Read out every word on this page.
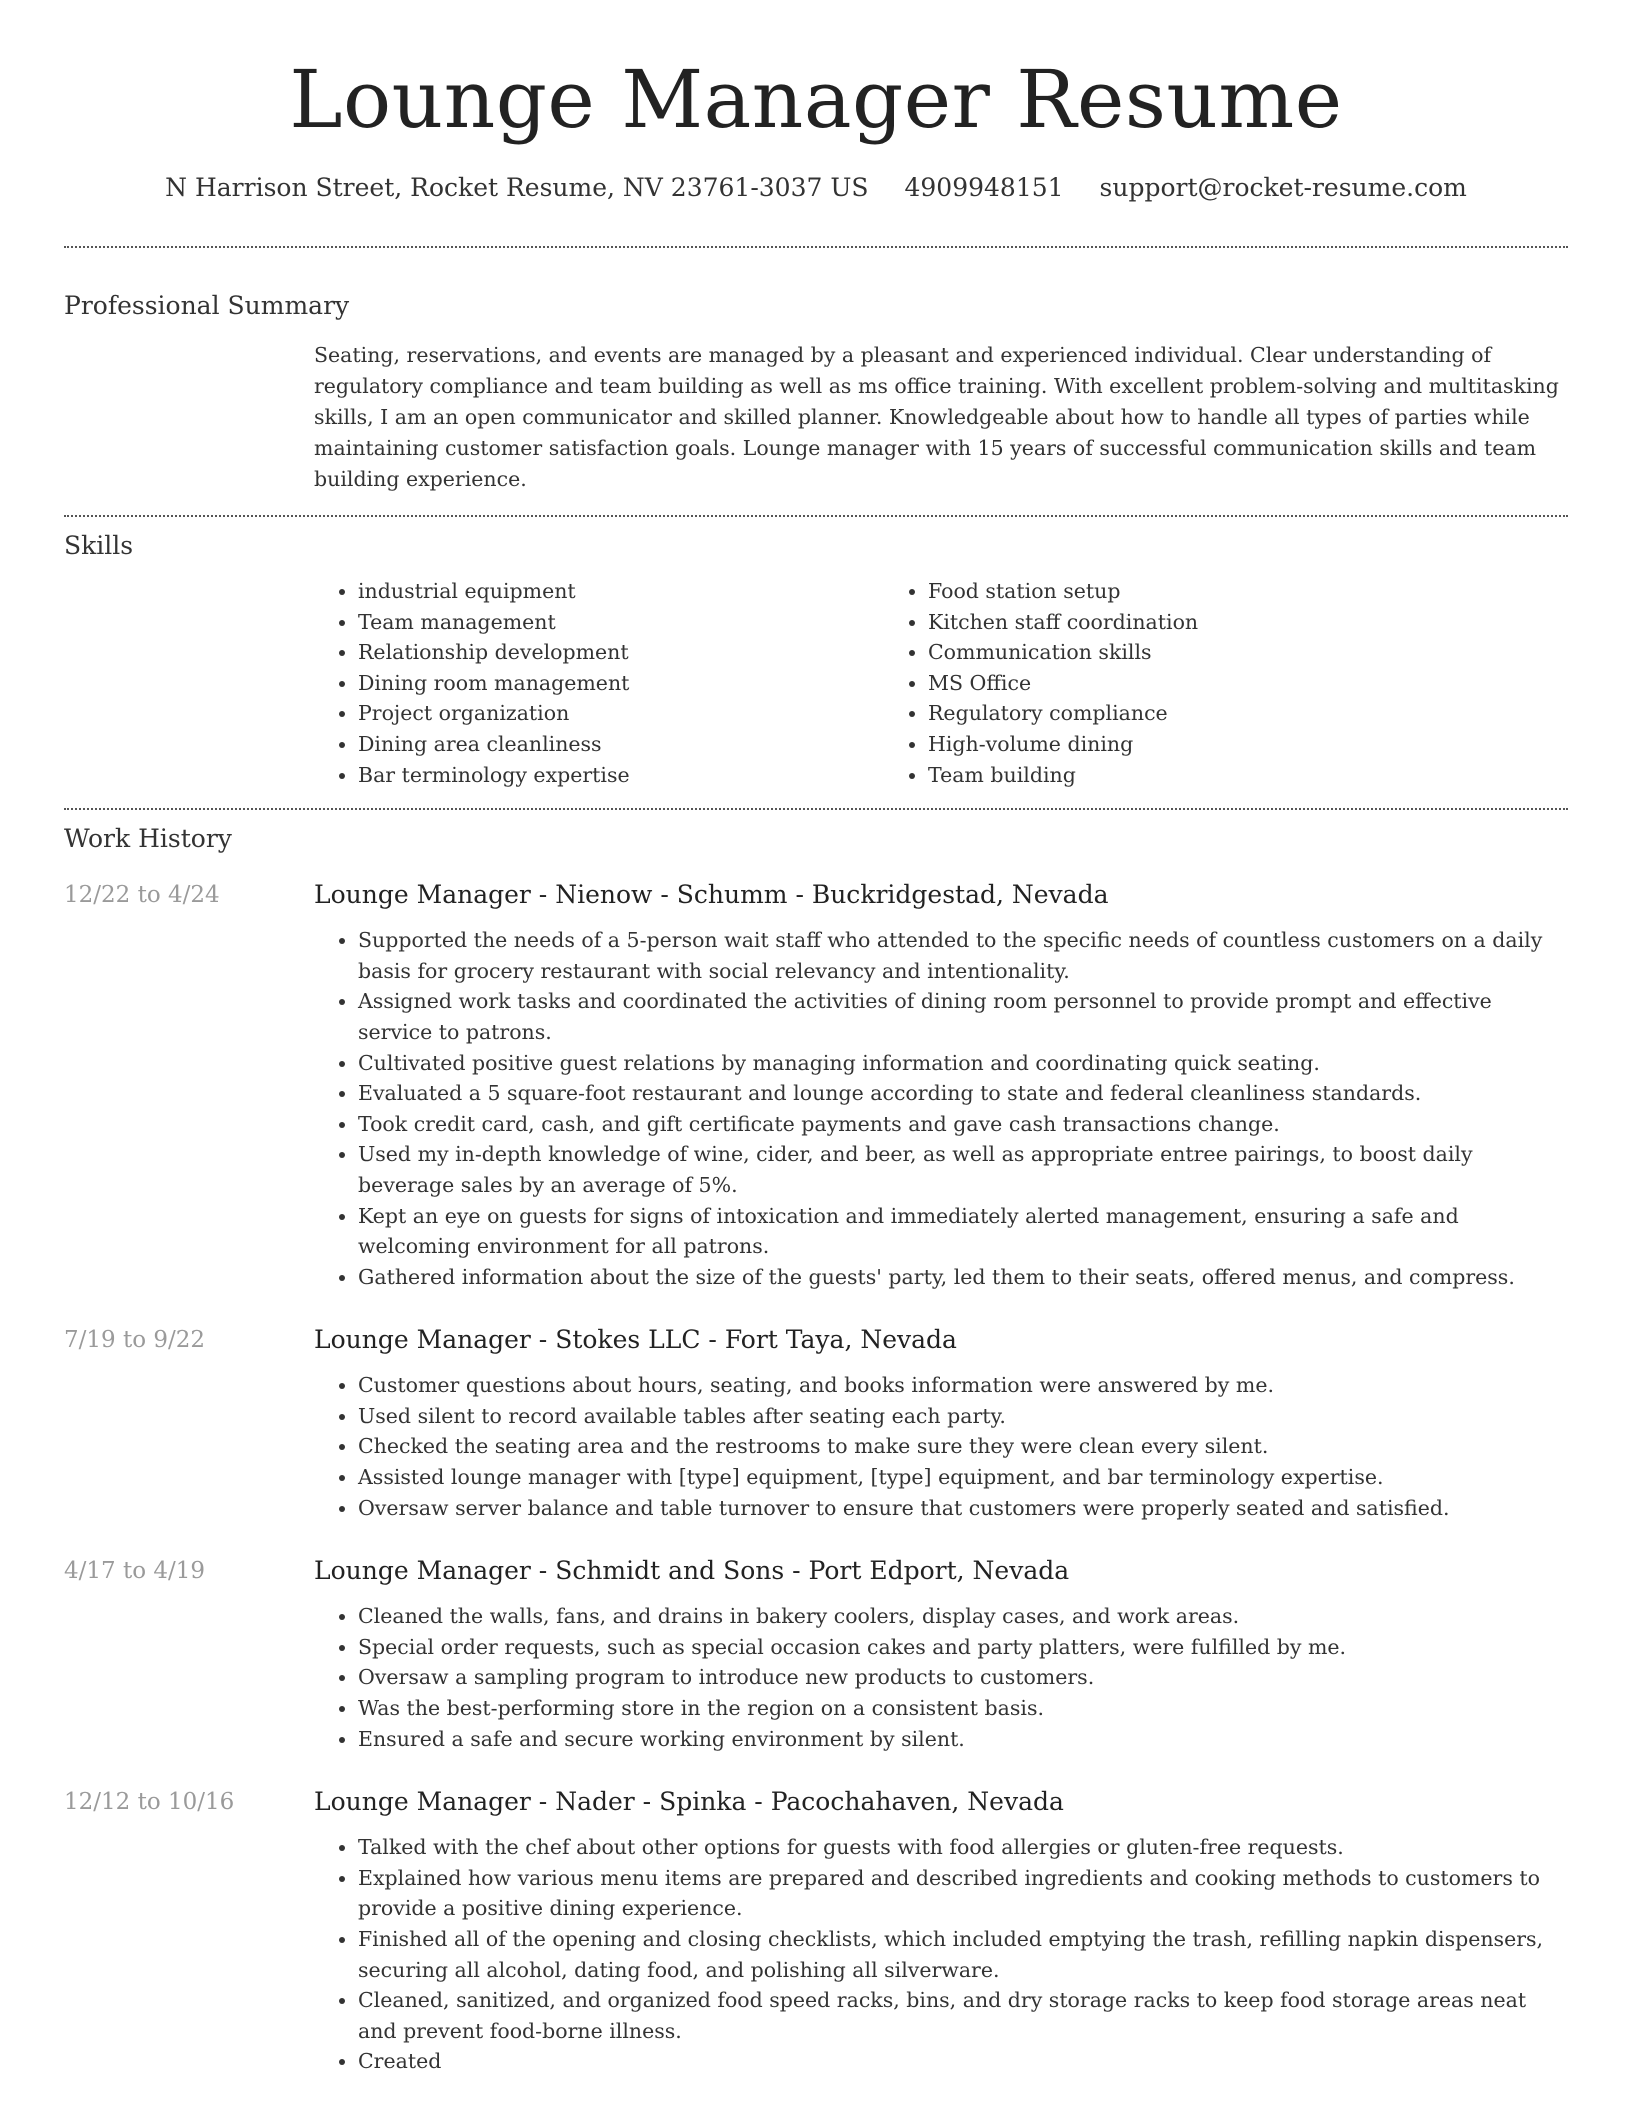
Lounge Manager Resume
N Harrison Street, Rocket Resume, NV 23761-3037 US 4909948151 support@rocket-resume.com
Professional Summary
Seating, reservations, and events are managed by a pleasant and experienced individual. Clear understanding of regulatory compliance and team building as well as ms office training. With excellent problem-solving and multitasking skills, I am an open communicator and skilled planner. Knowledgeable about how to handle all types of parties while maintaining customer satisfaction goals. Lounge manager with 15 years of successful communication skills and team building experience.
Skills
• industrial equipment
• Team management
• Relationship development
• Dining room management
• Project organization
• Dining area cleanliness
• Bar terminology expertise
• Food station setup
• Kitchen staff coordination
• Communication skills
• MS Office
• Regulatory compliance
• High-volume dining
• Team building
Work History
12/22 to 4/24	Lounge Manager - Nienow - Schumm - Buckridgestad, Nevada
• Supported the needs of a 5-person wait staff who attended to the specific needs of countless customers on a daily basis for grocery restaurant with social relevancy and intentionality.
• Assigned work tasks and coordinated the activities of dining room personnel to provide prompt and effective service to patrons.
• Cultivated positive guest relations by managing information and coordinating quick seating.
• Evaluated a 5 square-foot restaurant and lounge according to state and federal cleanliness standards.
• Took credit card, cash, and gift certificate payments and gave cash transactions change.
• Used my in-depth knowledge of wine, cider, and beer, as well as appropriate entree pairings, to boost daily beverage sales by an average of 5%.
• Kept an eye on guests for signs of intoxication and immediately alerted management, ensuring a safe and welcoming environment for all patrons.
• Gathered information about the size of the guests' party, led them to their seats, offered menus, and compress.
7/19 to 9/22	Lounge Manager - Stokes LLC - Fort Taya, Nevada
• Customer questions about hours, seating, and books information were answered by me.
• Used silent to record available tables after seating each party.
• Checked the seating area and the restrooms to make sure they were clean every silent.
• Assisted lounge manager with [type] equipment, [type] equipment, and bar terminology expertise.
• Oversaw server balance and table turnover to ensure that customers were properly seated and satisfied.
4/17 to 4/19	Lounge Manager - Schmidt and Sons - Port Edport, Nevada
• Cleaned the walls, fans, and drains in bakery coolers, display cases, and work areas.
• Special order requests, such as special occasion cakes and party platters, were fulfilled by me.
• Oversaw a sampling program to introduce new products to customers.
• Was the best-performing store in the region on a consistent basis.
• Ensured a safe and secure working environment by silent.
12/12 to 10/16	Lounge Manager - Nader - Spinka - Pacochahaven, Nevada
• Talked with the chef about other options for guests with food allergies or gluten-free requests.
• Explained how various menu items are prepared and described ingredients and cooking methods to customers to provide a positive dining experience.
• Finished all of the opening and closing checklists, which included emptying the trash, refilling napkin dispensers, securing all alcohol, dating food, and polishing all silverware.
• Cleaned, sanitized, and organized food speed racks, bins, and dry storage racks to keep food storage areas neat and prevent food-borne illness.
• Created
